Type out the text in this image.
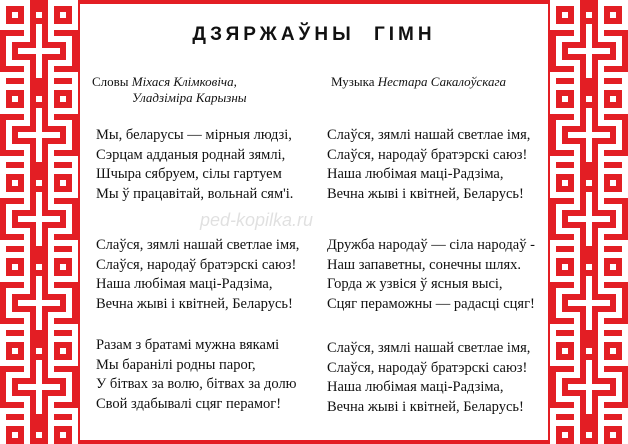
ДЗЯРЖАЎНЫ ГІМН
Словы Міхася Клімковіча,
Уладзіміра Карызны
Музыка Нестара Сакалоўскага
Мы, беларусы — мірныя людзі,
Сэрцам адданыя роднай зямлі,
Шчыра сябруем, сілы гартуем
Мы ў працавітай, вольнай сям'і.
Слаўся, зямлі нашай светлае імя,
Слаўся, народаў братэрскі саюз!
Наша любімая маці-Радзіма,
Вечна жыві і квітней, Беларусь!
Разам з братамі мужна вякамі
Мы баранілі родны парог,
У бітвах за волю, бітвах за долю
Свой здабывалі сцяг перамог!
Слаўся, зямлі нашай светлае імя,
Слаўся, народаў братэрскі саюз!
Наша любімая маці-Радзіма,
Вечна жыві і квітней, Беларусь!
Дружба народаў — сіла народаў -
Наш запаветны, сонечны шлях.
Горда ж узвіся ў ясныя высі,
Сцяг пераможны — радасці сцяг!
Слаўся, зямлі нашай светлае імя,
Слаўся, народаў братэрскі саюз!
Наша любімая маці-Радзіма,
Вечна жыві і квітней, Беларусь!
ped-kopilka.ru
